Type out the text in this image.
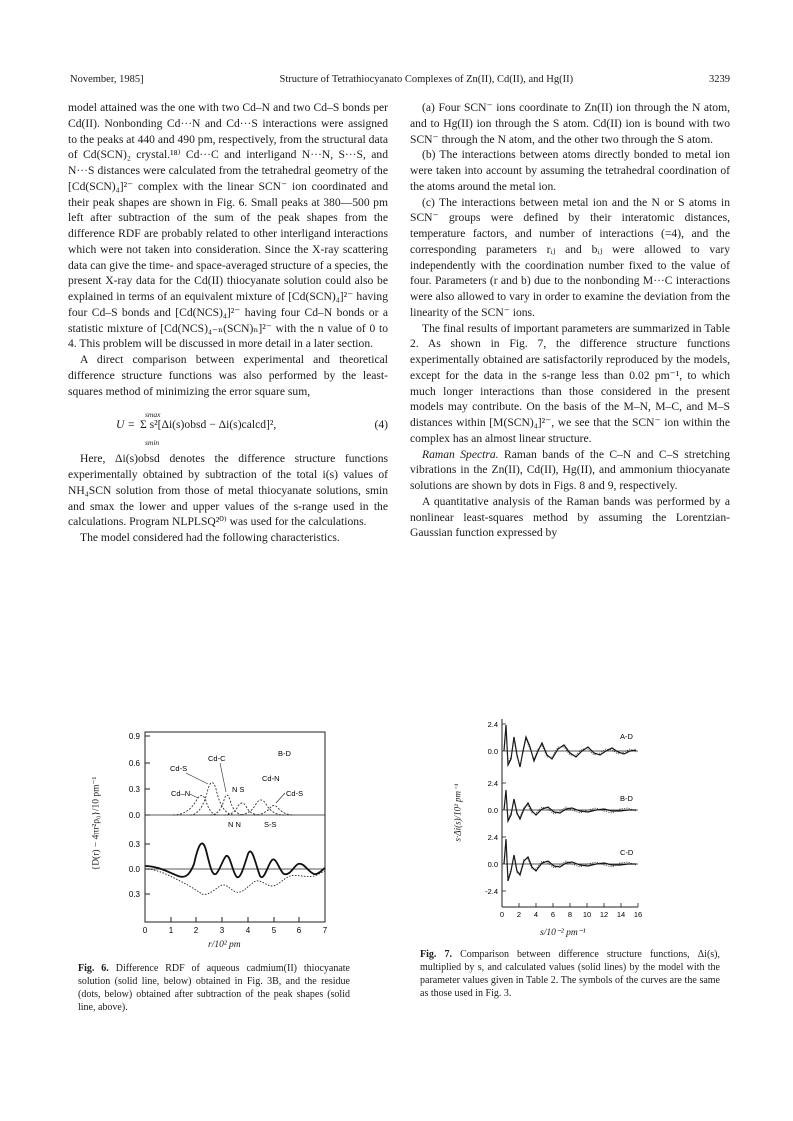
November, 1985]	Structure of Tetrathiocyanato Complexes of Zn(II), Cd(II), and Hg(II)	3239

model attained was the one with two Cd–N and two Cd–S bonds per Cd(II). Nonbonding Cd···N and Cd···S interactions were assigned to the peaks at 440 and 490 pm, respectively, from the structural data of Cd(SCN)₂ crystal.¹⁸⁾ Cd···C and interligand N···N, S···S, and N···S distances were calculated from the tetrahedral geometry of the [Cd(SCN)₄]²⁻ complex with the linear SCN⁻ ion coordinated and their peak shapes are shown in Fig. 6. Small peaks at 380—500 pm left after subtraction of the sum of the peak shapes from the difference RDF are probably related to other interligand interactions which were not taken into consideration. Since the X-ray scattering data can give the time- and space-averaged structure of a species, the present X-ray data for the Cd(II) thiocyanate solution could also be explained in terms of an equivalent mixture of [Cd(SCN)₄]²⁻ having four Cd–S bonds and [Cd(NCS)₄]²⁻ having four Cd–N bonds or a statistic mixture of [Cd(NCS)₄₋ₙ(SCN)ₙ]²⁻ with the n value of 0 to 4. This problem will be discussed in more detail in a later section.

A direct comparison between experimental and theoretical difference structure functions was also performed by the least-squares method of minimizing the error square sum,

U =
smax
Σ s²[Δi(s)obsd − Δi(s)calcd]²,
smin
(4)

Here, Δi(s)obsd denotes the difference structure functions experimentally obtained by subtraction of the total i(s) values of NH₄SCN solution from those of metal thiocyanate solutions, smin and smax the lower and upper values of the s-range used in the calculations. Program NLPLSQ²⁰⁾ was used for the calculations.

The model considered had the following characteristics.

(a) Four SCN⁻ ions coordinate to Zn(II) ion through the N atom, and to Hg(II) ion through the S atom. Cd(II) ion is bound with two SCN⁻ through the N atom, and the other two through the S atom.

(b) The interactions between atoms directly bonded to metal ion were taken into account by assuming the tetrahedral coordination of the atoms around the metal ion.

(c) The interactions between metal ion and the N or S atoms in SCN⁻ groups were defined by their interatomic distances, temperature factors, and number of interactions (=4), and the corresponding parameters rᵢⱼ and bᵢⱼ were allowed to vary independently with the coordination number fixed to the value of four. Parameters (r and b) due to the nonbonding M···C interactions were also allowed to vary in order to examine the deviation from the linearity of the SCN⁻ ions.

The final results of important parameters are summarized in Table 2. As shown in Fig. 7, the difference structure functions experimentally obtained are satisfactorily reproduced by the models, except for the data in the s-range less than 0.02 pm⁻¹, to which much longer interactions than those considered in the present models may contribute. On the basis of the M–N, M–C, and M–S distances within [M(SCN)₄]²⁻, we see that the SCN⁻ ion within the complex has an almost linear structure.

Raman Spectra. Raman bands of the C–N and C–S stretching vibrations in the Zn(II), Cd(II), Hg(II), and ammonium thiocyanate solutions are shown by dots in Figs. 8 and 9, respectively.

A quantitative analysis of the Raman bands was performed by a nonlinear least-squares method by assuming the Lorentzian-Gaussian function expressed by

0.9
0.6
0.3
0.0
0.3
0.0
0.3
0	1	2	3	4	5	6	7
Cd–N
Cd-S
Cd-C
B-D
Cd-N
N S	Cd-S
N N	S-S
{D(r) − 4πr²ρ₀}/10 pm⁻¹
r/10² pm
Fig. 6. Difference RDF of aqueous cadmium(II) thiocyanate solution (solid line, below) obtained in Fig. 3B, and the residue (dots, below) obtained after subtraction of the peak shapes (solid line, above).
2.4
0.0
2.4
0.0
2.4
0.0
-2.4
0 2 4 6 8 10 12 14 16
A-D
B-D
C-D
s·Δi(s)/10² pm⁻¹
s/10⁻² pm⁻¹
Fig. 7. Comparison between difference structure functions, Δi(s), multiplied by s, and calculated values (solid lines) by the model with the parameter values given in Table 2. The symbols of the curves are the same as those used in Fig. 3.
